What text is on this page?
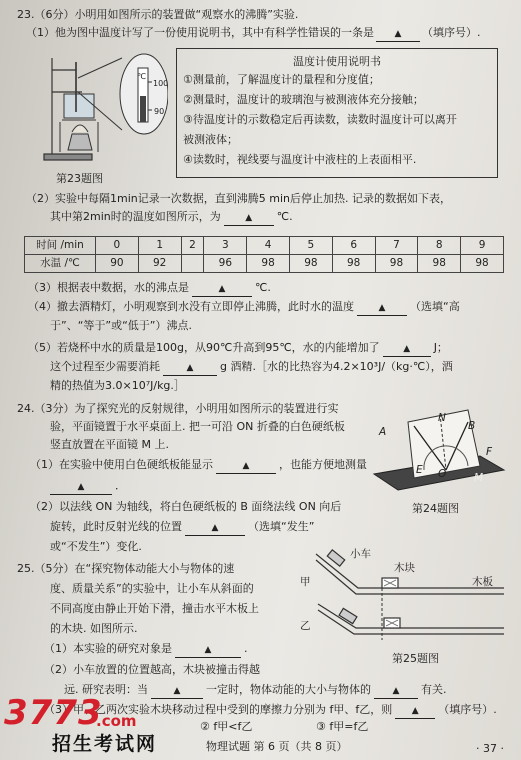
23.（6分）小明用如图所示的装置做“观察水的沸腾”实验.
（1）他为图中温度计写了一份使用说明书，其中有科学性错误的一条是 ▲ （填序号）.
℃
100
90
第23题图
温度计使用说明书
①测量前，了解温度计的量程和分度值；
②测量时，温度计的玻璃泡与被测液体充分接触；
③待温度计的示数稳定后再读数，读数时温度计可以离开
被测液体；
④读数时，视线要与温度计中液柱的上表面相平.
（2）实验中每隔1min记录一次数据，直到沸腾5 min后停止加热. 记录的数据如下表，
其中第2min时的温度如图所示，为	▲ ℃.
时间 /min	0	1	2	3	4	5	6	7	8	9
水温 /℃	90	92		96	98	98	98	98	98	98
（3）根据表中数据，水的沸点是	▲	℃.
（4）撤去酒精灯，小明观察到水没有立即停止沸腾，此时水的温度	▲ （选填“高
于”、“等于”或“低于”）沸点.
（5）若烧杯中水的质量是100g，从90℃升高到95℃，水的内能增加了	▲ J；
这个过程至少需要消耗	▲ g 酒精.［水的比热容为4.2×10³J/（kg·℃），酒
精的热值为3.0×10⁷J/kg.］
24.（3分）为了探究光的反射规律，小明用如图所示的装置进行实
验，平面镜置于水平桌面上. 把一可沿 ON 折叠的白色硬纸板
竖直放置在平面镜 M 上.
（1）在实验中使用白色硬纸板能显示	▲	，也能方便地测量
▲	．
（2）以法线 ON 为轴线，将白色硬纸板的 B 面绕法线 ON 向后
旋转，此时反射光线的位置	▲	（选填“发生”
或“不发生”）变化.
A
N
B
E
F
O	M
第24题图
25.（5分）在“探究物体动能大小与物体的速
度、质量关系”的实验中，让小车从斜面的
不同高度由静止开始下滑，撞击水平木板上
的木块. 如图所示.
（1）本实验的研究对象是	▲	.
（2）小车放置的位置越高，木块被撞击得越
远. 研究表明：当	▲ 一定时，物体动能的大小与物体的 ▲ 有关.
（3）甲、乙两次实验木块移动过程中受到的摩擦力分别为 f甲、f乙，则 ▲ （填序号）.
② f甲<f乙	③ f甲=f乙
小车
木块
木板
甲
乙
第25题图
物理试题 第 6 页（共 8 页）	· 37 ·
3773
.com
招生考试网
